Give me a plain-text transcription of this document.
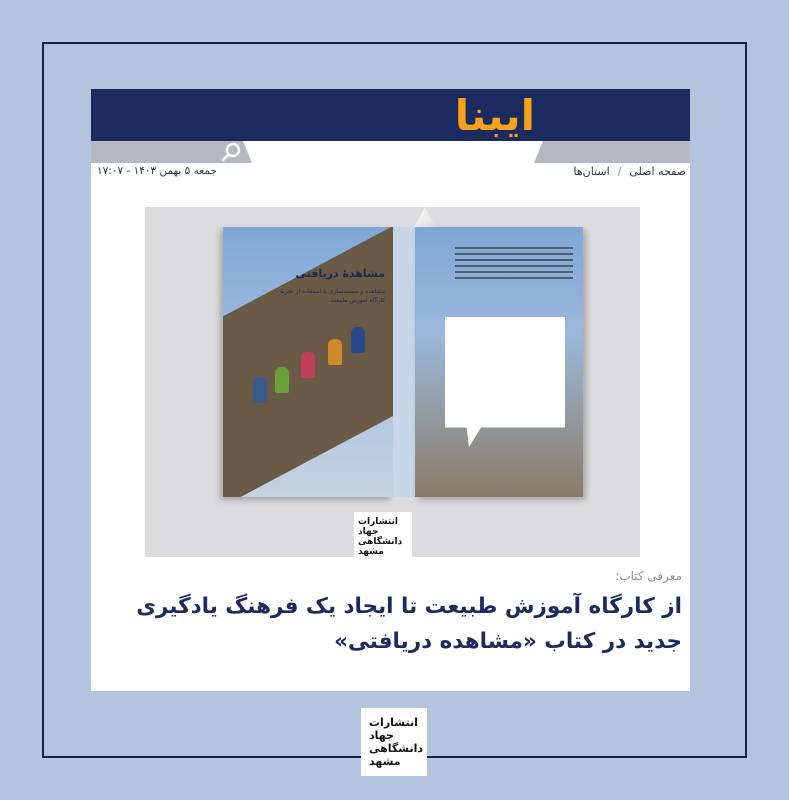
ایبنا
صفحه اصلی
/
استان‌ها
جمعه ۵ بهمن ۱۴۰۳ - ۱۷:۰۷
مشاهدهٔ دریافتی
مشاهده و مستندسازی با استفاده از تجربهٔ کارگاه آموزش طبیعت
انتشارات
جهاد
دانشگاهی
مشهد
معرفی کتاب؛
از کارگاه آموزش طبیعت تا ایجاد یک فرهنگ یادگیری
جدید در کتاب «مشاهده دریافتی»
انتشارات
جهاد
دانشگاهی
مشهد
